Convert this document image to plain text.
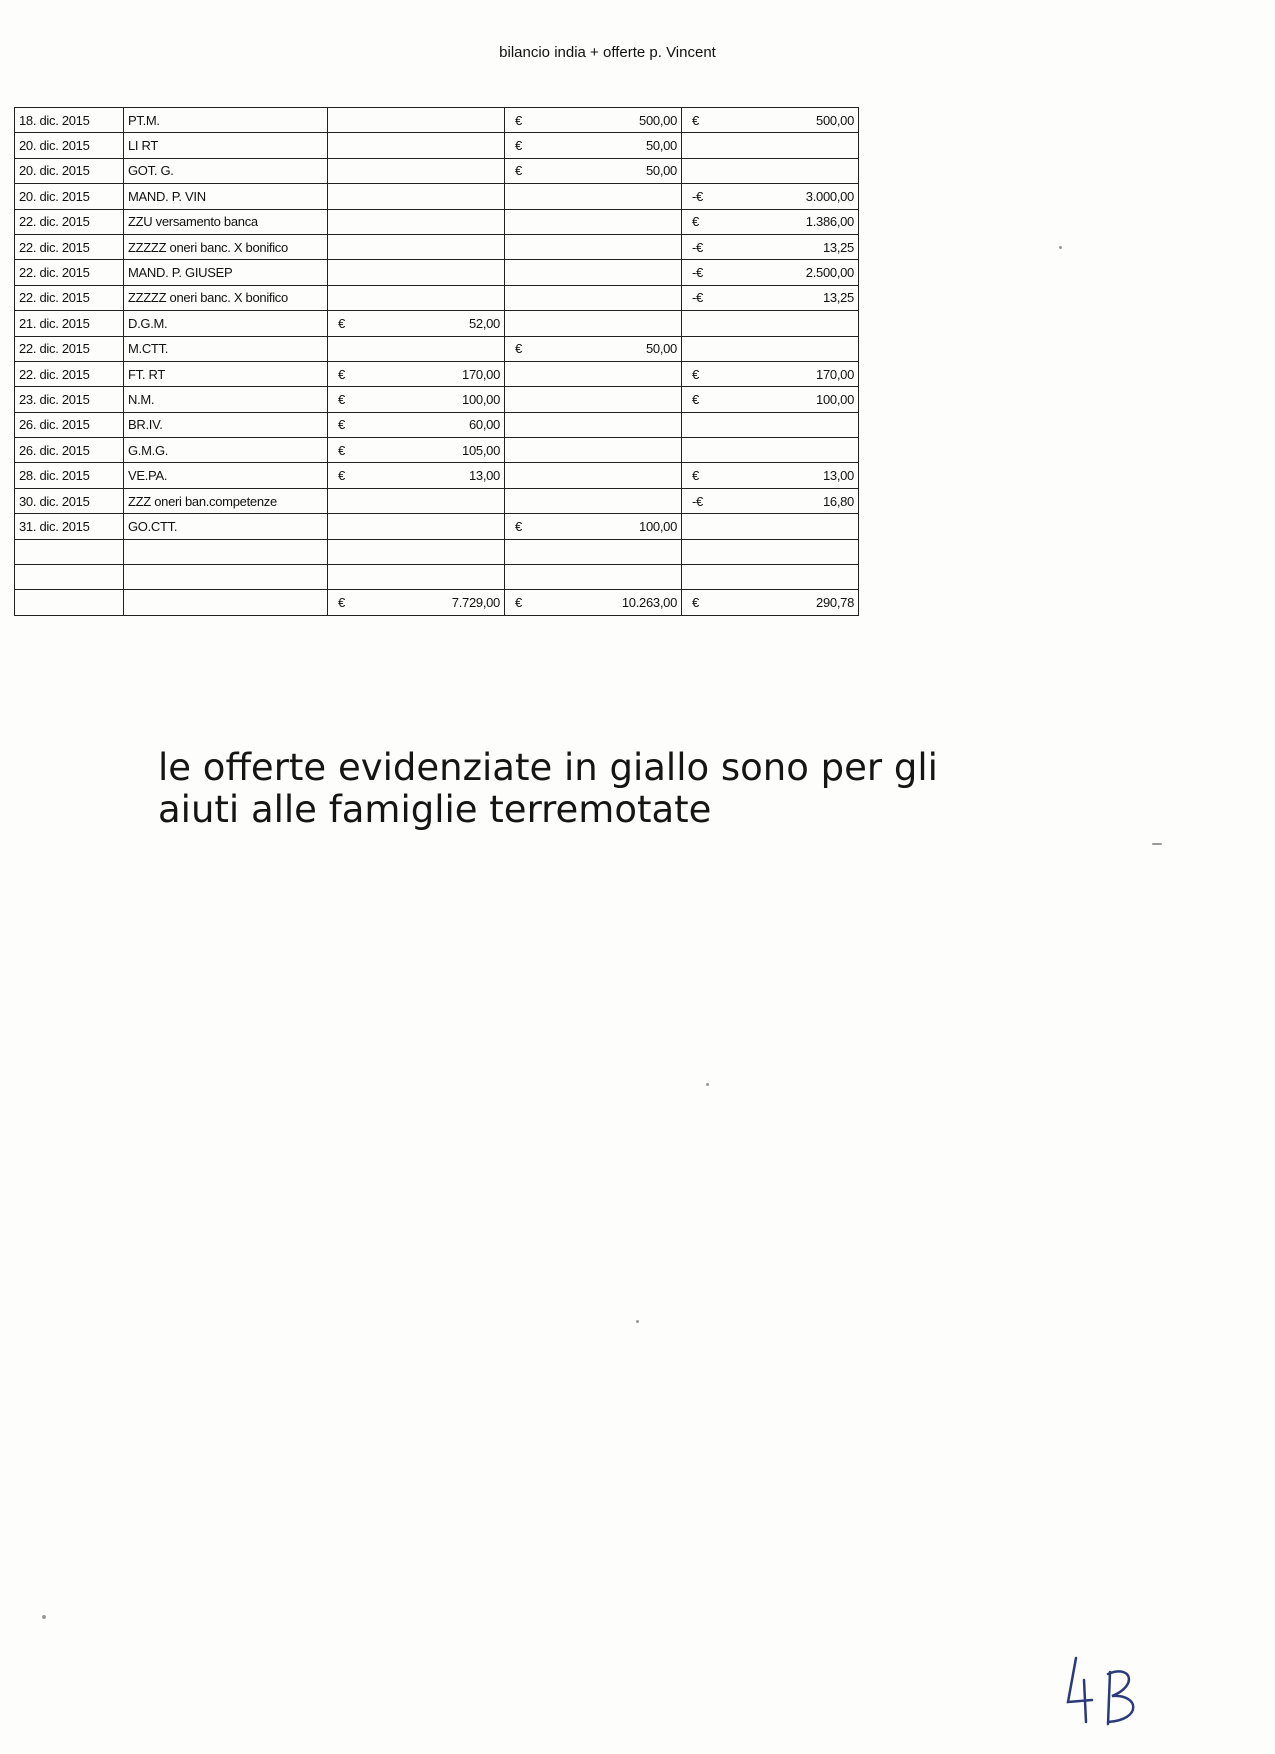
bilancio india + offerte p. Vincent
18. dic. 2015	PT.M.		€ 500,00	€ 500,00

20. dic. 2015	LI RT		€ 50,00	

20. dic. 2015	GOT. G.		€ 50,00	

20. dic. 2015	MAND. P. VIN			-€ 3.000,00

22. dic. 2015	ZZU versamento banca			€ 1.386,00

22. dic. 2015	ZZZZZ oneri banc. X bonifico			-€ 13,25

22. dic. 2015	MAND. P. GIUSEP			-€ 2.500,00

22. dic. 2015	ZZZZZ oneri banc. X bonifico			-€ 13,25

21. dic. 2015	D.G.M.	€ 52,00		

22. dic. 2015	M.CTT.		€ 50,00	

22. dic. 2015	FT. RT	€ 170,00		€ 170,00

23. dic. 2015	N.M.	€ 100,00		€ 100,00

26. dic. 2015	BR.IV.	€ 60,00		

26. dic. 2015	G.M.G.	€ 105,00		

28. dic. 2015	VE.PA.	€ 13,00		€ 13,00

30. dic. 2015	ZZZ oneri ban.competenze			-€ 16,80

31. dic. 2015	GO.CTT.		€ 100,00	

		€ 7.729,00	€ 10.263,00	€ 290,78
le offerte evidenziate in giallo sono per gli
aiuti alle famiglie terremotate
